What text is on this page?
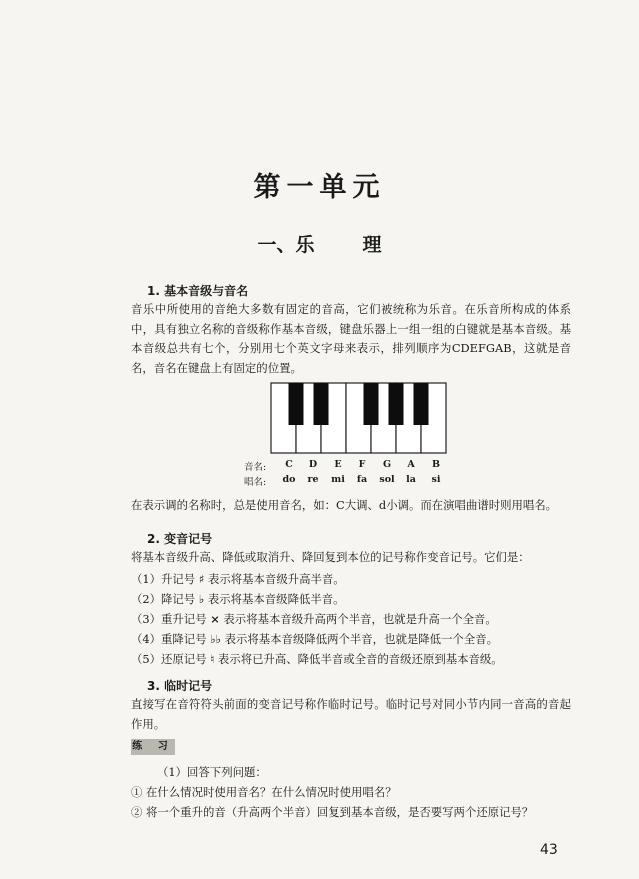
第一单元
一、乐	理
1. 基本音级与音名
音乐中所使用的音绝大多数有固定的音高，它们被统称为乐音。在乐音所构成的体系中，具有独立名称的音级称作基本音级，键盘乐器上一组一组的白键就是基本音级。基本音级总共有七个，分别用七个英文字母来表示，排列顺序为CDEFGAB，这就是音名，音名在键盘上有固定的位置。
音名:	C	D	E	F	G	A	B
唱名:	do	re	mi	fa	sol	la	si
在表示调的名称时，总是使用音名，如：C大调、d小调。而在演唱曲谱时则用唱名。
2. 变音记号
将基本音级升高、降低或取消升、降回复到本位的记号称作变音记号。它们是：
（1）升记号 ♯ 表示将基本音级升高半音。
（2）降记号 ♭ 表示将基本音级降低半音。
（3）重升记号 × 表示将基本音级升高两个半音，也就是升高一个全音。
（4）重降记号 ♭♭ 表示将基本音级降低两个半音，也就是降低一个全音。
（5）还原记号 ♮ 表示将已升高、降低半音或全音的音级还原到基本音级。
3. 临时记号
直接写在音符符头前面的变音记号称作临时记号。临时记号对同小节内同一音高的音起作用。
练 习
（1）回答下列问题：
① 在什么情况时使用音名？在什么情况时使用唱名？
② 将一个重升的音（升高两个半音）回复到基本音级，是否要写两个还原记号？
43
